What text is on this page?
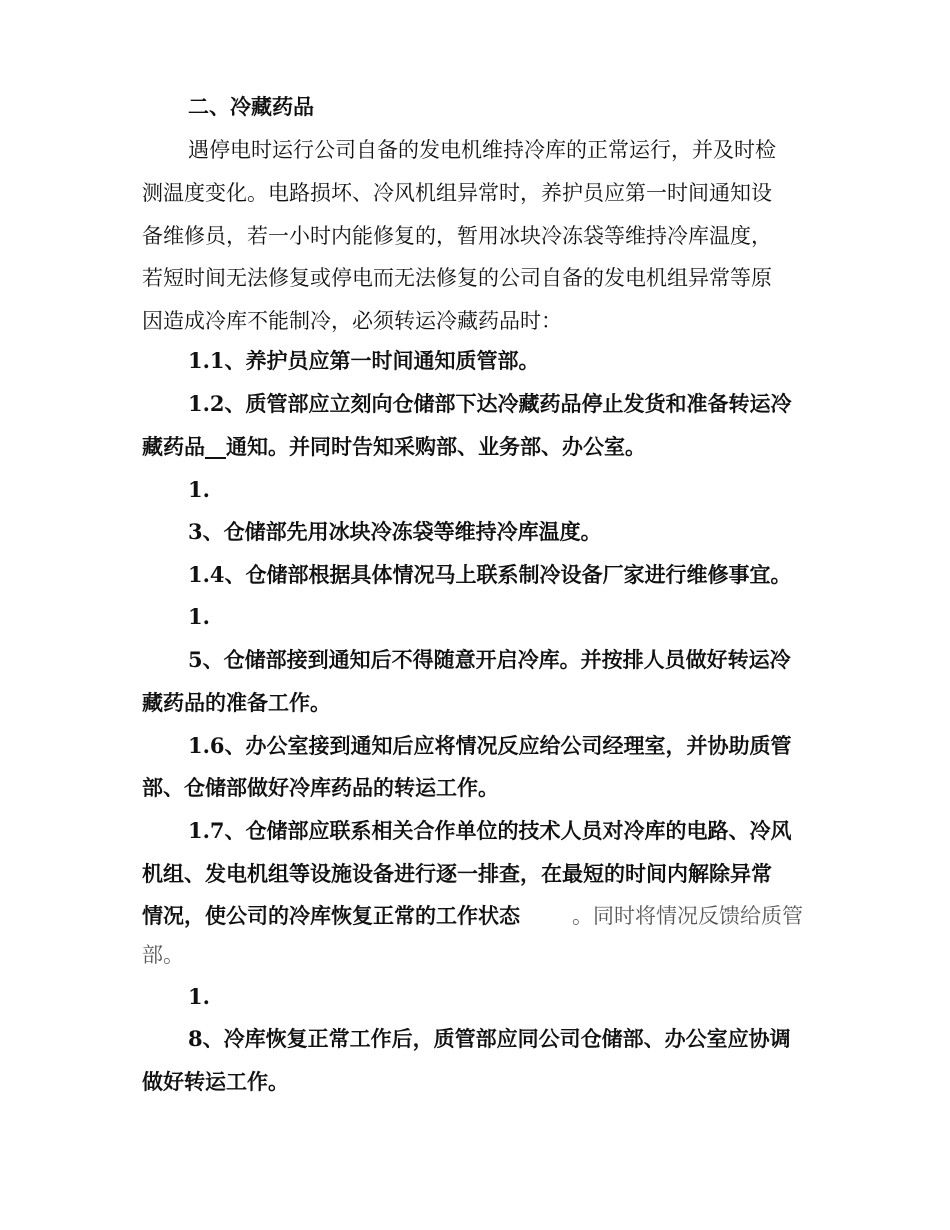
二、冷藏药品
遇停电时运行公司自备的发电机维持冷库的正常运行，并及时检
测温度变化。电路损坏、冷风机组异常时，养护员应第一时间通知设
备维修员，若一小时内能修复的，暂用冰块冷冻袋等维持冷库温度，
若短时间无法修复或停电而无法修复的公司自备的发电机组异常等原
因造成冷库不能制冷，必须转运冷藏药品时：
1.1、养护员应第一时间通知质管部。
1.2、质管部应立刻向仓储部下达冷藏药品停止发货和准备转运冷
藏药品__通知。并同时告知采购部、业务部、办公室。
1.
3、仓储部先用冰块冷冻袋等维持冷库温度。
1.4、仓储部根据具体情况马上联系制冷设备厂家进行维修事宜。
1.
5、仓储部接到通知后不得随意开启冷库。并按排人员做好转运冷
藏药品的准备工作。
1.6、办公室接到通知后应将情况反应给公司经理室，并协助质管
部、仓储部做好冷库药品的转运工作。
1.7、仓储部应联系相关合作单位的技术人员对冷库的电路、冷风
机组、发电机组等设施设备进行逐一排查，在最短的时间内解除异常
情况，使公司的冷库恢复正常的工作状态 。同时将情况反馈给质管
部。
1.
8、冷库恢复正常工作后，质管部应同公司仓储部、办公室应协调
做好转运工作。
